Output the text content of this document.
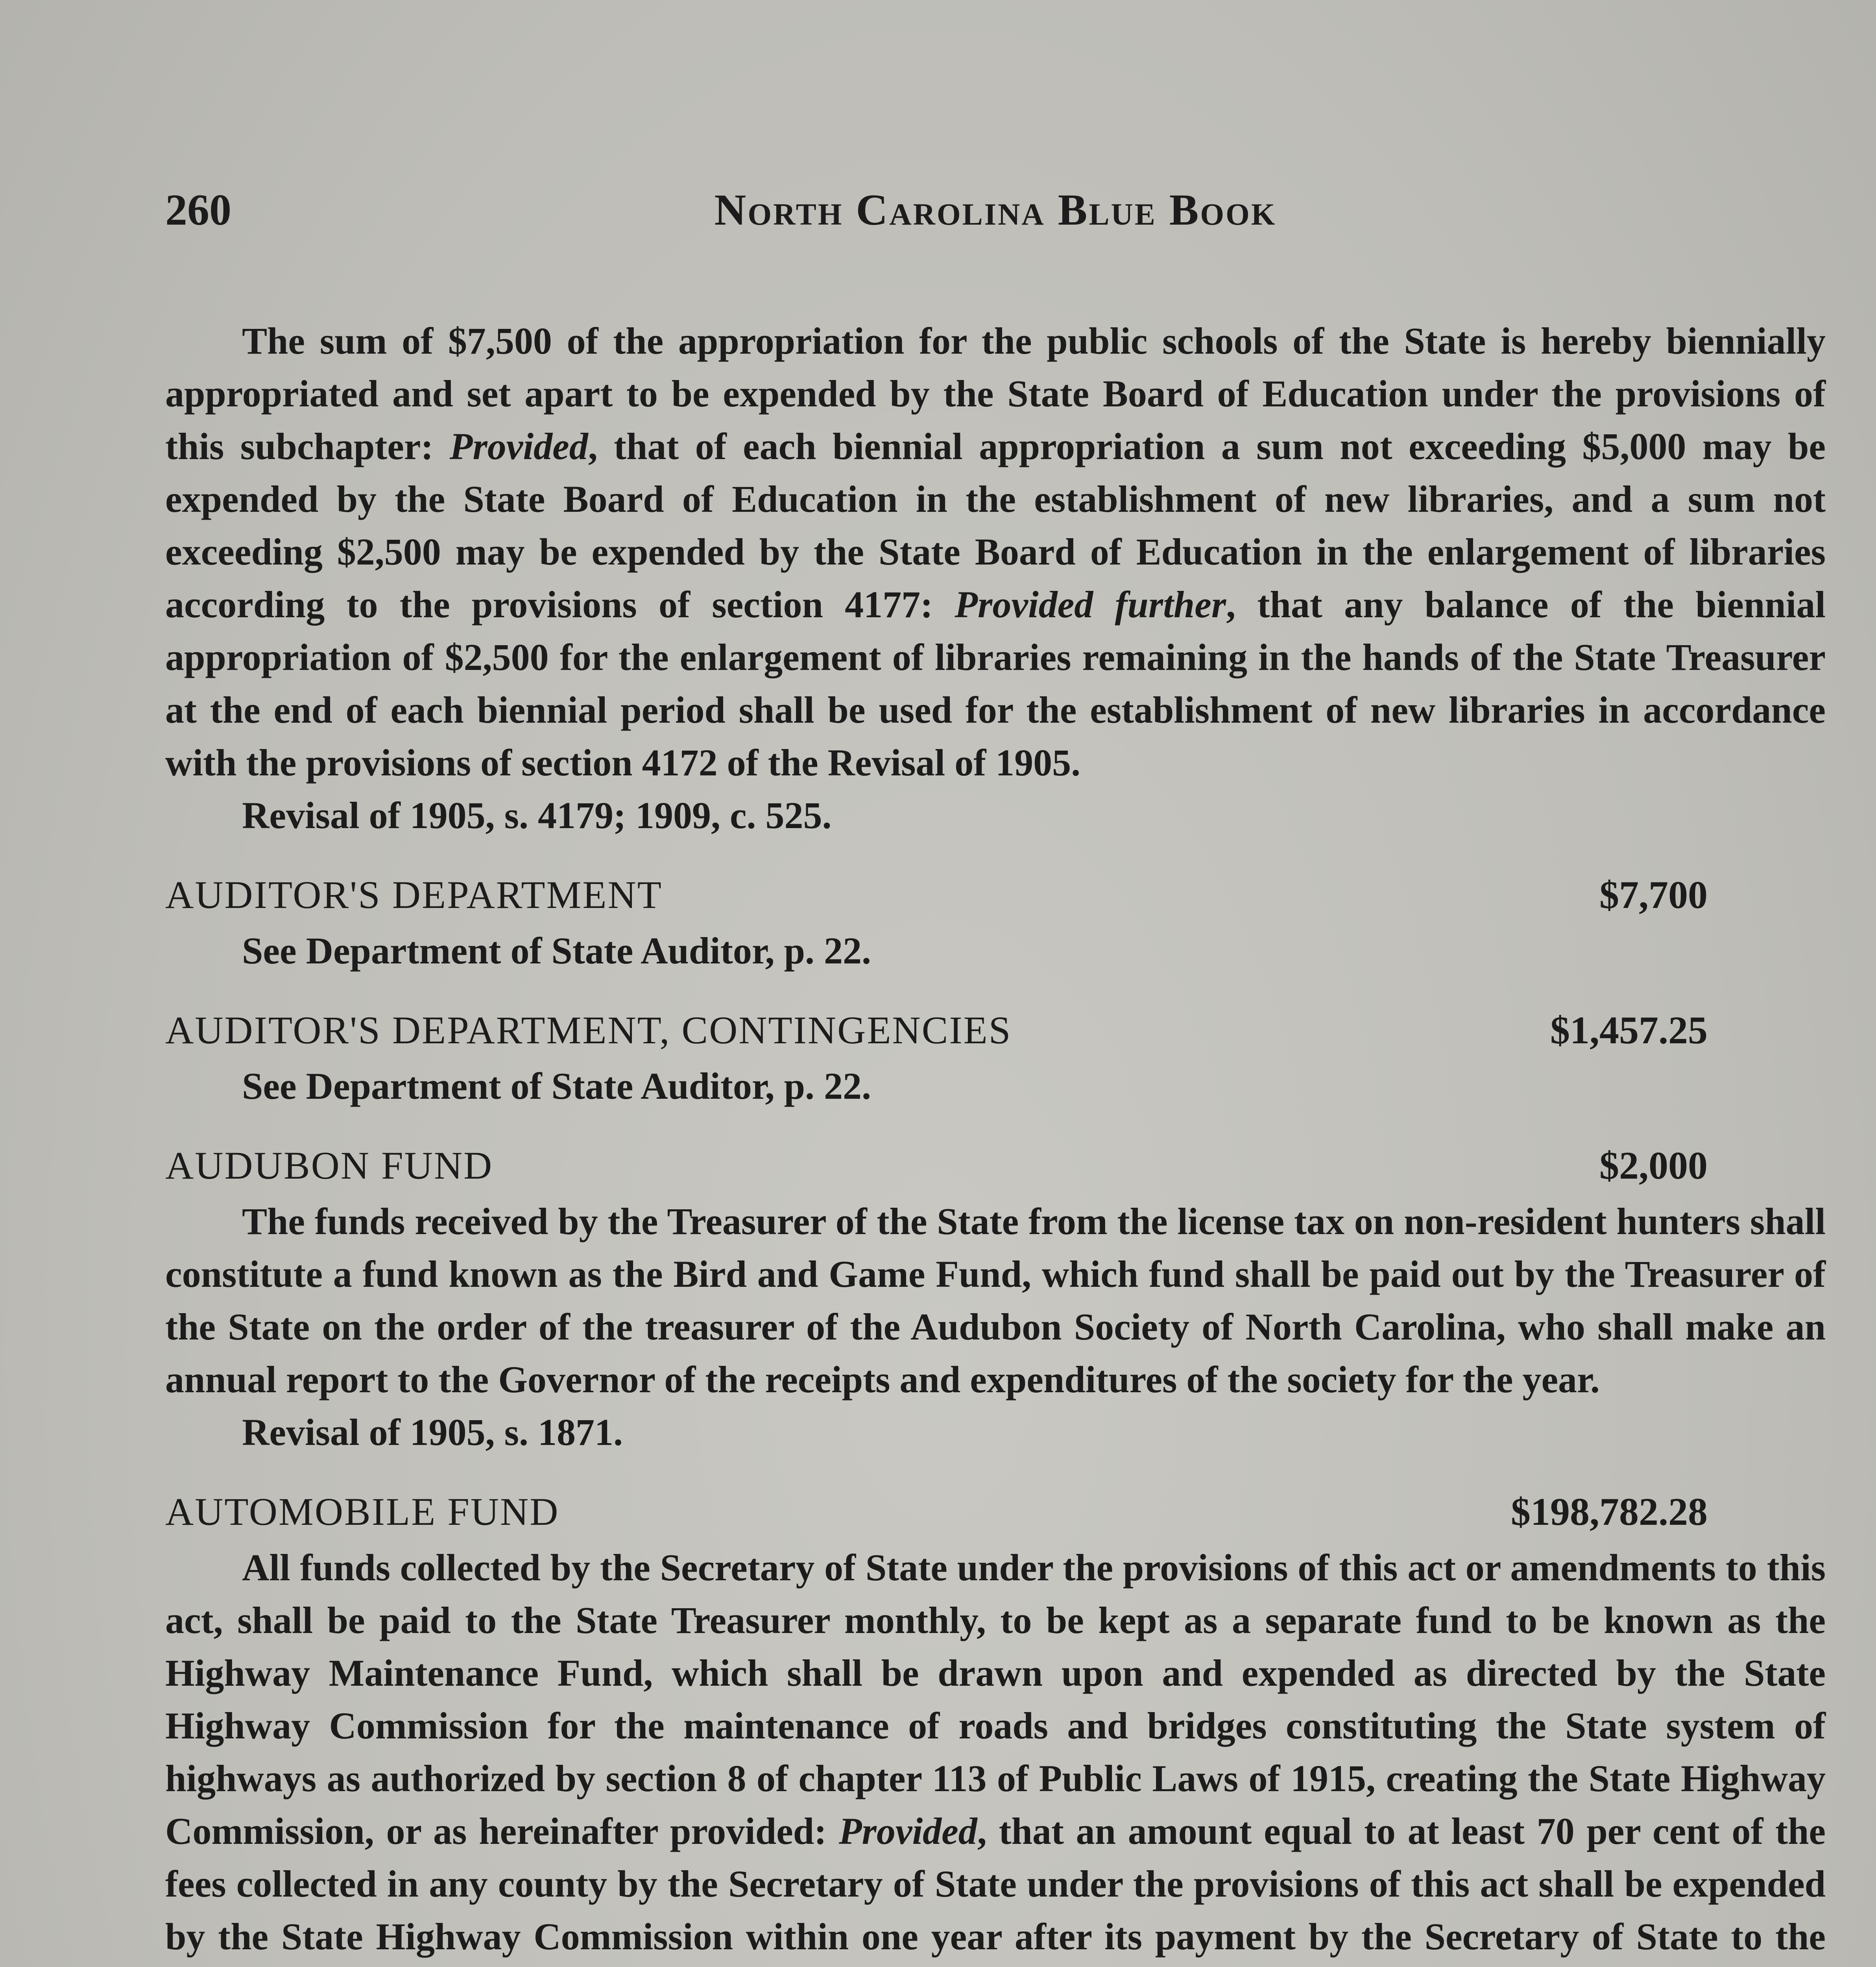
260	North Carolina Blue Book

The sum of $7,500 of the appropriation for the public schools of the State is hereby biennially appropriated and set apart to be expended by the State Board of Education under the provisions of this subchapter: Provided, that of each biennial appropriation a sum not exceeding $5,000 may be expended by the State Board of Education in the establishment of new libraries, and a sum not exceeding $2,500 may be expended by the State Board of Education in the enlargement of libraries according to the provisions of section 4177: Provided further, that any balance of the biennial appropriation of $2,500 for the enlargement of libraries remaining in the hands of the State Treasurer at the end of each biennial period shall be used for the establishment of new libraries in accordance with the provisions of section 4172 of the Revisal of 1905.

Revisal of 1905, s. 4179; 1909, c. 525.
AUDITOR'S DEPARTMENT	$7,700
See Department of State Auditor, p. 22.
AUDITOR'S DEPARTMENT, CONTINGENCIES	$1,457.25
See Department of State Auditor, p. 22.
AUDUBON FUND	$2,000

The funds received by the Treasurer of the State from the license tax on non-resident hunters shall constitute a fund known as the Bird and Game Fund, which fund shall be paid out by the Treasurer of the State on the order of the treasurer of the Audubon Society of North Carolina, who shall make an annual report to the Governor of the receipts and expenditures of the society for the year.

Revisal of 1905, s. 1871.
AUTOMOBILE FUND	$198,782.28

All funds collected by the Secretary of State under the provisions of this act or amendments to this act, shall be paid to the State Treasurer monthly, to be kept as a separate fund to be known as the Highway Maintenance Fund, which shall be drawn upon and expended as directed by the State Highway Commission for the maintenance of roads and bridges constituting the State system of highways as authorized by section 8 of chapter 113 of Public Laws of 1915, creating the State Highway Commission, or as hereinafter provided: Provided, that an amount equal to at least 70 per cent of the fees collected in any county by the Secretary of State under the provisions of this act shall be expended by the State Highway Commission within one year after its payment by the Secretary of State to the
